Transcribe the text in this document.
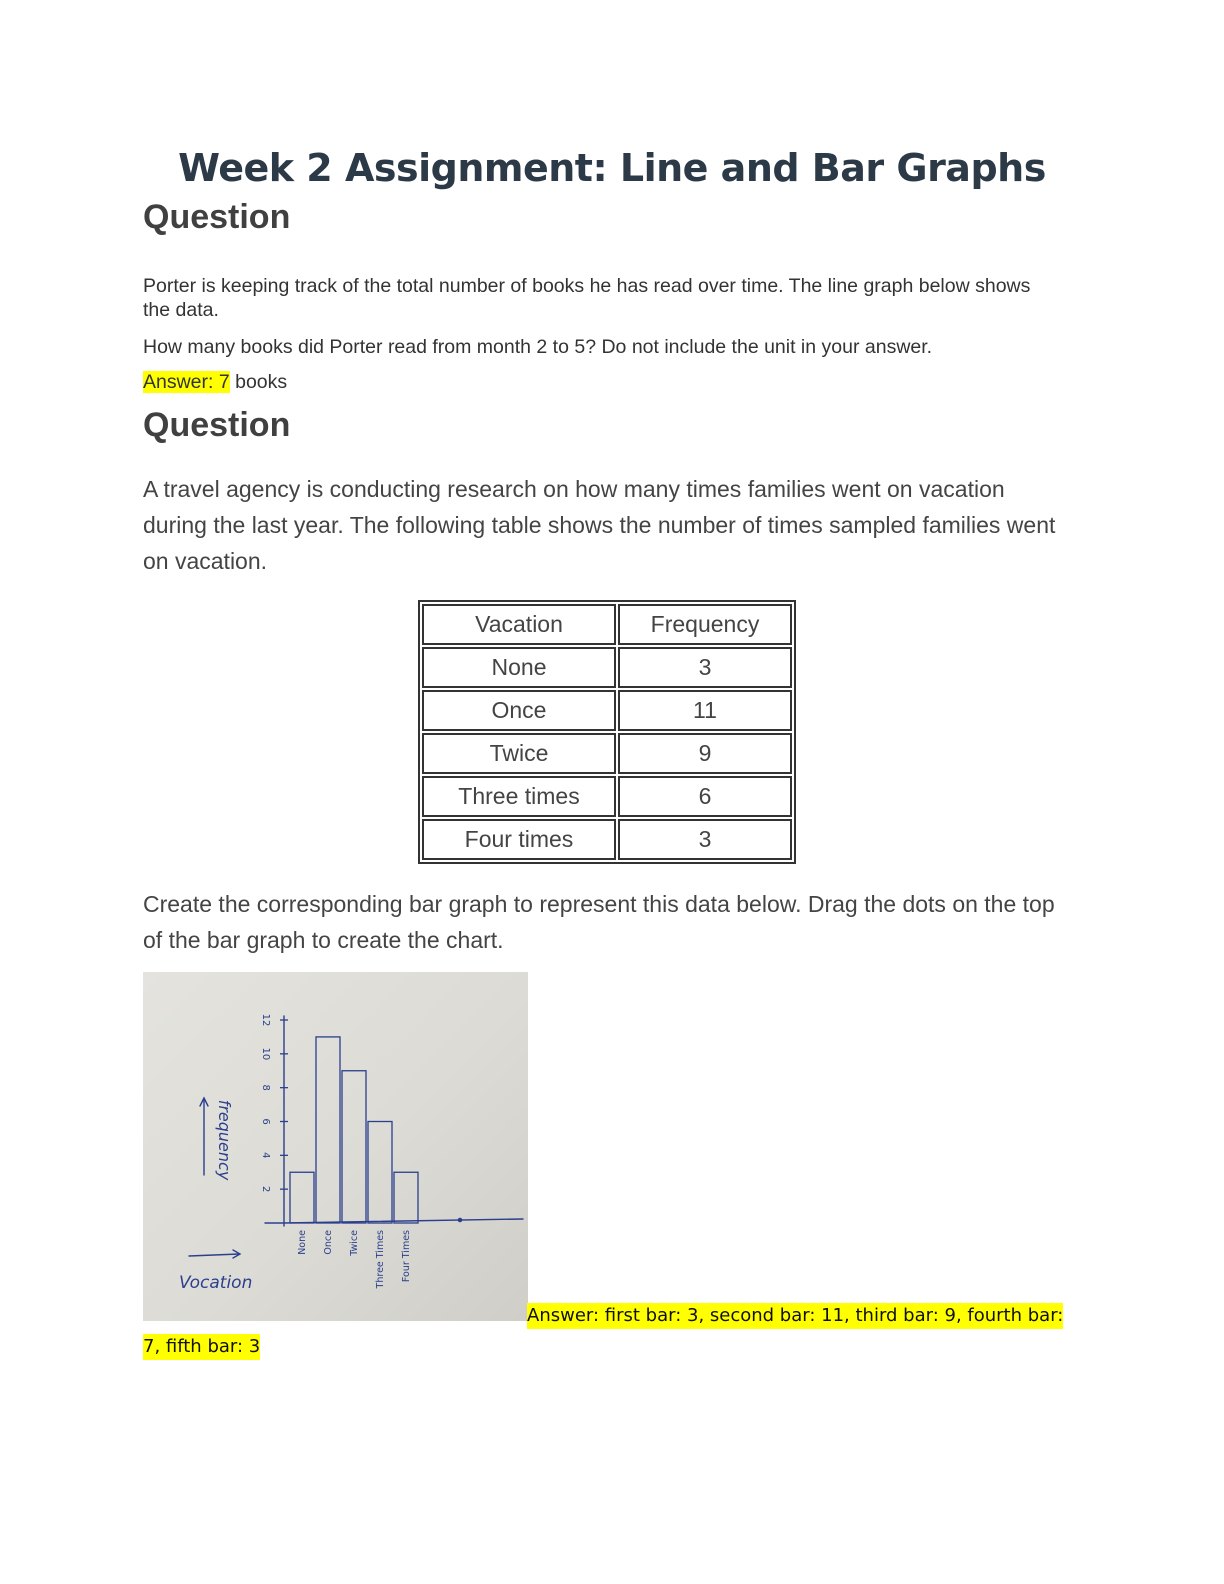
Week 2 Assignment: Line and Bar Graphs
Question

Porter is keeping track of the total number of books he has read over time. The line graph below shows the data.

How many books did Porter read from month 2 to 5? Do not include the unit in your answer.

Answer: 7 books

Question

A travel agency is conducting research on how many times families went on vacation during the last year. The following table shows the number of times sampled families went on vacation.

Vacation	Frequency
None	3
Once	11
Twice	9
Three times	6
Four times	3

Create the corresponding bar graph to represent this data below. Drag the dots on the top of the bar graph to create the chart.

2
4
6
8
10
12
None Once Twice Three Times Four Times
frequency
Vocation

Answer: first bar: 3, second bar: 11, third bar: 9, fourth bar:

7, fifth bar: 3
